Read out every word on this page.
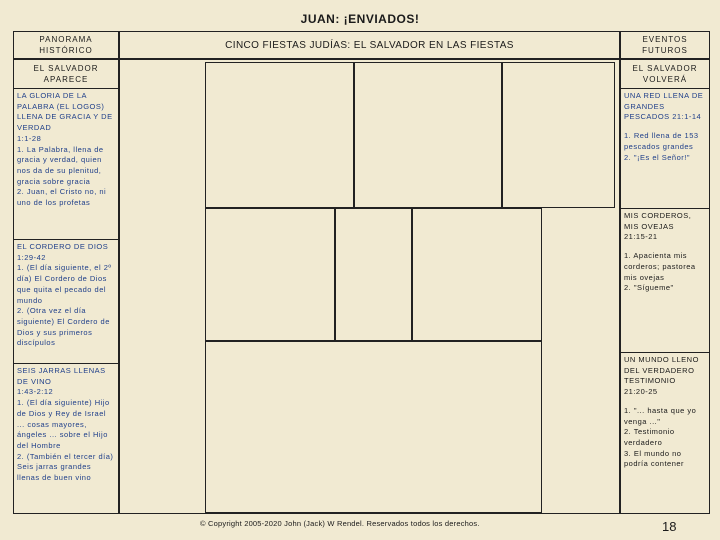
JUAN: ¡ENVIADOS!
PANORAMA
HISTÓRICO
EL SALVADOR
APARECE
LA GLORIA DE LA PALABRA (EL LOGOS) LLENA DE GRACIA Y DE VERDAD
1:1-28
1. La Palabra, llena de gracia y verdad, quien nos da de su plenitud, gracia sobre gracia
2. Juan, el Cristo no, ni uno de los profetas
EL CORDERO DE DIOS 1:29-42
1. (El día siguiente, el 2º día) El Cordero de Dios que quita el pecado del mundo
2. (Otra vez el día siguiente) El Cordero de Dios y sus primeros discípulos
SEIS JARRAS LLENAS DE VINO
1:43-2:12
1. (El día siguiente) Hijo de Dios y Rey de Israel ... cosas mayores, ángeles ... sobre el Hijo del Hombre
2. (También el tercer día) Seis jarras grandes llenas de buen vino
CINCO FIESTAS JUDÍAS: EL SALVADOR EN LAS FIESTAS	EVENTOS
FUTUROS
EL SALVADOR
VOLVERÁ
UNA RED LLENA DE GRANDES PESCADOS 21:1-14
1. Red llena de 153 pescados grandes
2. "¡Es el Señor!"
MIS CORDEROS, MIS OVEJAS
21:15-21
1. Apacienta mis corderos; pastorea mis ovejas
2. "Sígueme"
UN MUNDO LLENO DEL VERDADERO TESTIMONIO
21:20-25
1. "... hasta que yo venga ..."
2. Testimonio verdadero
3. El mundo no podría contener
© Copyright 2005-2020 John (Jack) W Rendel. Reservados todos los derechos.	18
